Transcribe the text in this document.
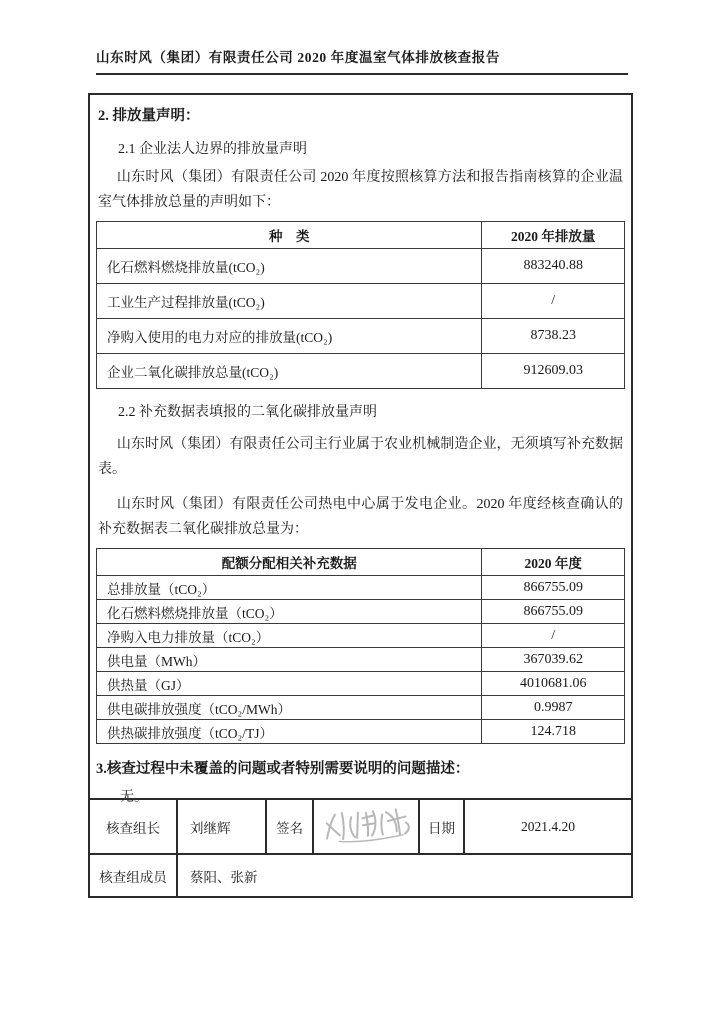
山东时风（集团）有限责任公司 2020 年度温室气体排放核查报告
2. 排放量声明：
2.1 企业法人边界的排放量声明
山东时风（集团）有限责任公司 2020 年度按照核算方法和报告指南核算的企业温室气体排放总量的声明如下：
种　类	2020 年排放量
化石燃料燃烧排放量(tCO₂)	883240.88
工业生产过程排放量(tCO₂)	/
净购入使用的电力对应的排放量(tCO₂)	8738.23
企业二氧化碳排放总量(tCO₂)	912609.03
2.2 补充数据表填报的二氧化碳排放量声明
山东时风（集团）有限责任公司主行业属于农业机械制造企业，无须填写补充数据表。
山东时风（集团）有限责任公司热电中心属于发电企业。2020 年度经核查确认的补充数据表二氧化碳排放总量为：
配额分配相关补充数据	2020 年度
总排放量（tCO₂）	866755.09
化石燃料燃烧排放量（tCO₂）	866755.09
净购入电力排放量（tCO₂）	/
供电量（MWh）	367039.62
供热量（GJ）	4010681.06
供电碳排放强度（tCO₂/MWh）	0.9987
供热碳排放强度（tCO₂/TJ）	124.718
3.核查过程中未覆盖的问题或者特别需要说明的问题描述：
无。
核查组长	刘继辉	签名		日期	2021.4.20
核查组成员	蔡阳、张新				
